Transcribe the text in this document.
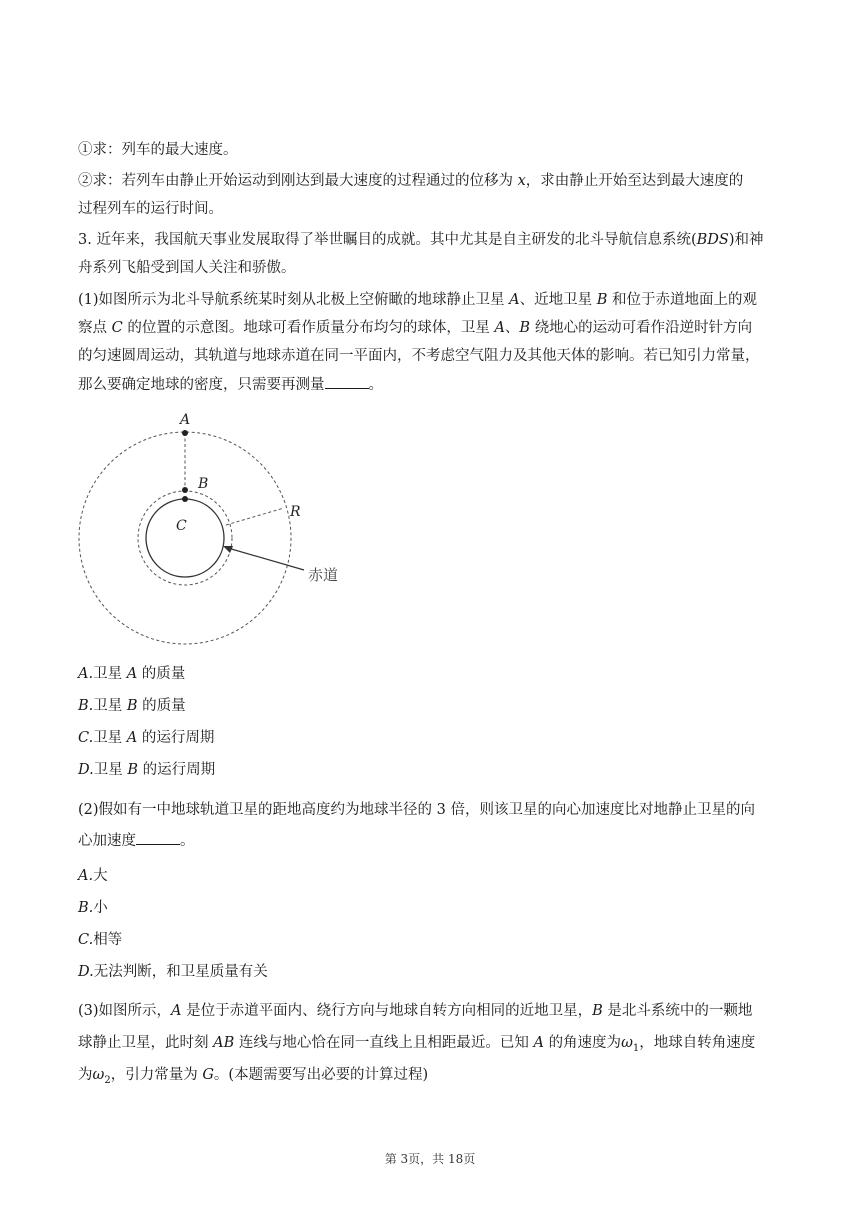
①求：列车的最大速度。
②求：若列车由静止开始运动到刚达到最大速度的过程通过的位移为 x，求由静止开始至达到最大速度的
过程列车的运行时间。
3. 近年来，我国航天事业发展取得了举世瞩目的成就。其中尤其是自主研发的北斗导航信息系统(BDS)和神
舟系列飞船受到国人关注和骄傲。
(1)如图所示为北斗导航系统某时刻从北极上空俯瞰的地球静止卫星 A、近地卫星 B 和位于赤道地面上的观
察点 C 的位置的示意图。地球可看作质量分布均匀的球体，卫星 A、B 绕地心的运动可看作沿逆时针方向
的匀速圆周运动，其轨道与地球赤道在同一平面内，不考虑空气阻力及其他天体的影响。若已知引力常量，
那么要确定地球的密度，只需要再测量	。
A
B
C
R
赤道
A.卫星 A 的质量
B.卫星 B 的质量
C.卫星 A 的运行周期
D.卫星 B 的运行周期
(2)假如有一中地球轨道卫星的距地高度约为地球半径的 3 倍，则该卫星的向心加速度比对地静止卫星的向
心加速度	。
A.大
B.小
C.相等
D.无法判断，和卫星质量有关
(3)如图所示，A 是位于赤道平面内、绕行方向与地球自转方向相同的近地卫星，B 是北斗系统中的一颗地
球静止卫星，此时刻 AB 连线与地心恰在同一直线上且相距最近。已知 A 的角速度为$\omega_1$，地球自转角速度
为$\omega_2$，引力常量为 G。(本题需要写出必要的计算过程)
第 3页，共 18页
